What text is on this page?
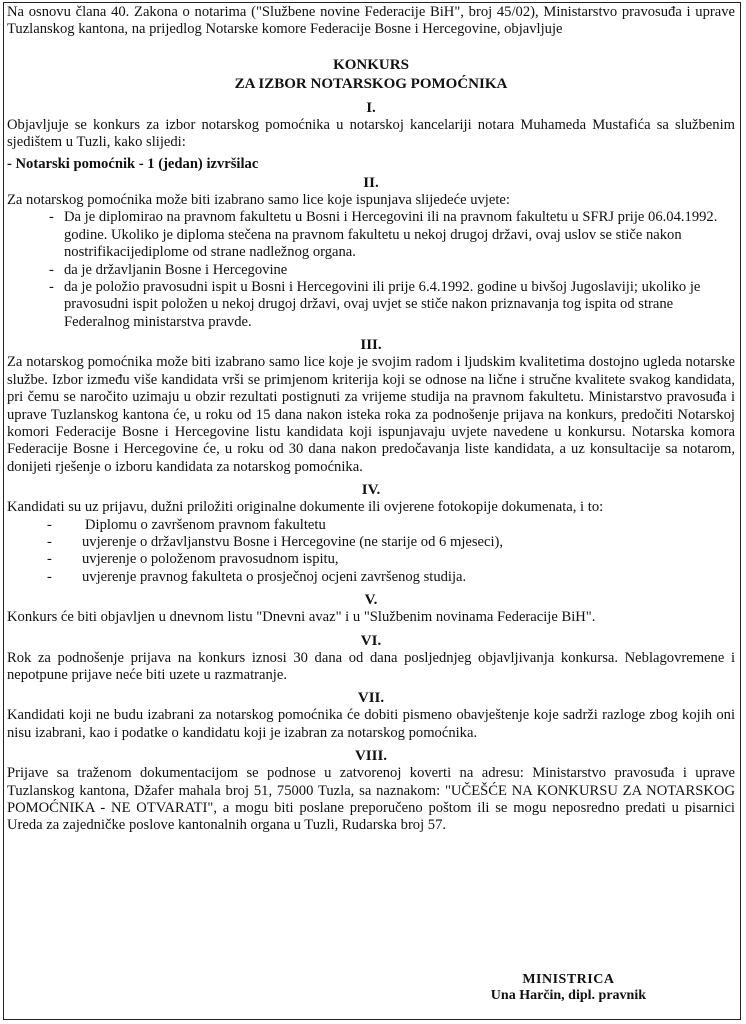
Na osnovu člana 40. Zakona o notarima ("Službene novine Federacije BiH", broj 45/02), Ministarstvo pravosuđa i uprave Tuzlanskog kantona, na prijedlog Notarske komore Federacije Bosne i Hercegovine, objavljuje

KONKURS
ZA IZBOR NOTARSKOG POMOĆNIKA
I.

Objavljuje se konkurs za izbor notarskog pomoćnika u notarskoj kancelariji notara Muhameda Mustafića sa službenim sjedištem u Tuzli, kako slijedi:

- Notarski pomoćnik - 1 (jedan) izvršilac

II.

Za notarskog pomoćnika može biti izabrano samo lice koje ispunjava slijedeće uvjete:

- Da je diplomirao na pravnom fakultetu u Bosni i Hercegovini ili na pravnom fakultetu u SFRJ prije 06.04.1992. godine. Ukoliko je diploma stečena na pravnom fakultetu u nekoj drugoj državi, ovaj uslov se stiče nakon nostrifikacijediplome od strane nadležnog organa.
- da je državljanin Bosne i Hercegovine
- da je položio pravosudni ispit u Bosni i Hercegovini ili prije 6.4.1992. godine u bivšoj Jugoslaviji; ukoliko je pravosudni ispit položen u nekoj drugoj državi, ovaj uvjet se stiče nakon priznavanja tog ispita od strane Federalnog ministarstva pravde.
III.

Za notarskog pomoćnika može biti izabrano samo lice koje je svojim radom i ljudskim kvalitetima dostojno ugleda notarske službe. Izbor između više kandidata vrši se primjenom kriterija koji se odnose na lične i stručne kvalitete svakog kandidata, pri čemu se naročito uzimaju u obzir rezultati postignuti za vrijeme studija na pravnom fakultetu. Ministarstvo pravosuđa i uprave Tuzlanskog kantona će, u roku od 15 dana nakon isteka roka za podnošenje prijava na konkurs, predočiti Notarskoj komori Federacije Bosne i Hercegovine listu kandidata koji ispunjavaju uvjete navedene u konkursu. Notarska komora Federacije Bosne i Hercegovine će, u roku od 30 dana nakon predočavanja liste kandidata, a uz konsultacije sa notarom, donijeti rješenje o izboru kandidata za notarskog pomoćnika.

IV.

Kandidati su uz prijavu, dužni priložiti originalne dokumente ili ovjerene fotokopije dokumenata, i to:

- Diplomu o završenom pravnom fakultetu
- uvjerenje o državljanstvu Bosne i Hercegovine (ne starije od 6 mjeseci),
- uvjerenje o položenom pravosudnom ispitu,
- uvjerenje pravnog fakulteta o prosječnoj ocjeni završenog studija.
V.

Konkurs će biti objavljen u dnevnom listu "Dnevni avaz" i u "Službenim novinama Federacije BiH".

VI.

Rok za podnošenje prijava na konkurs iznosi 30 dana od dana posljednjeg objavljivanja konkursa. Neblagovremene i nepotpune prijave neće biti uzete u razmatranje.

VII.

Kandidati koji ne budu izabrani za notarskog pomoćnika će dobiti pismeno obavještenje koje sadrži razloge zbog kojih oni nisu izabrani, kao i podatke o kandidatu koji je izabran za notarskog pomoćnika.

VIII.

Prijave sa traženom dokumentacijom se podnose u zatvorenoj koverti na adresu: Ministarstvo pravosuđa i uprave Tuzlanskog kantona, Džafer mahala broj 51, 75000 Tuzla, sa naznakom: "UČEŠĆE NA KONKURSU ZA NOTARSKOG POMOĆNIKA - NE OTVARATI", a mogu biti poslane preporučeno poštom ili se mogu neposredno predati u pisarnici Ureda za zajedničke poslove kantonalnih organa u Tuzli, Rudarska broj 57.

MINISTRICA
Una Harčin, dipl. pravnik
